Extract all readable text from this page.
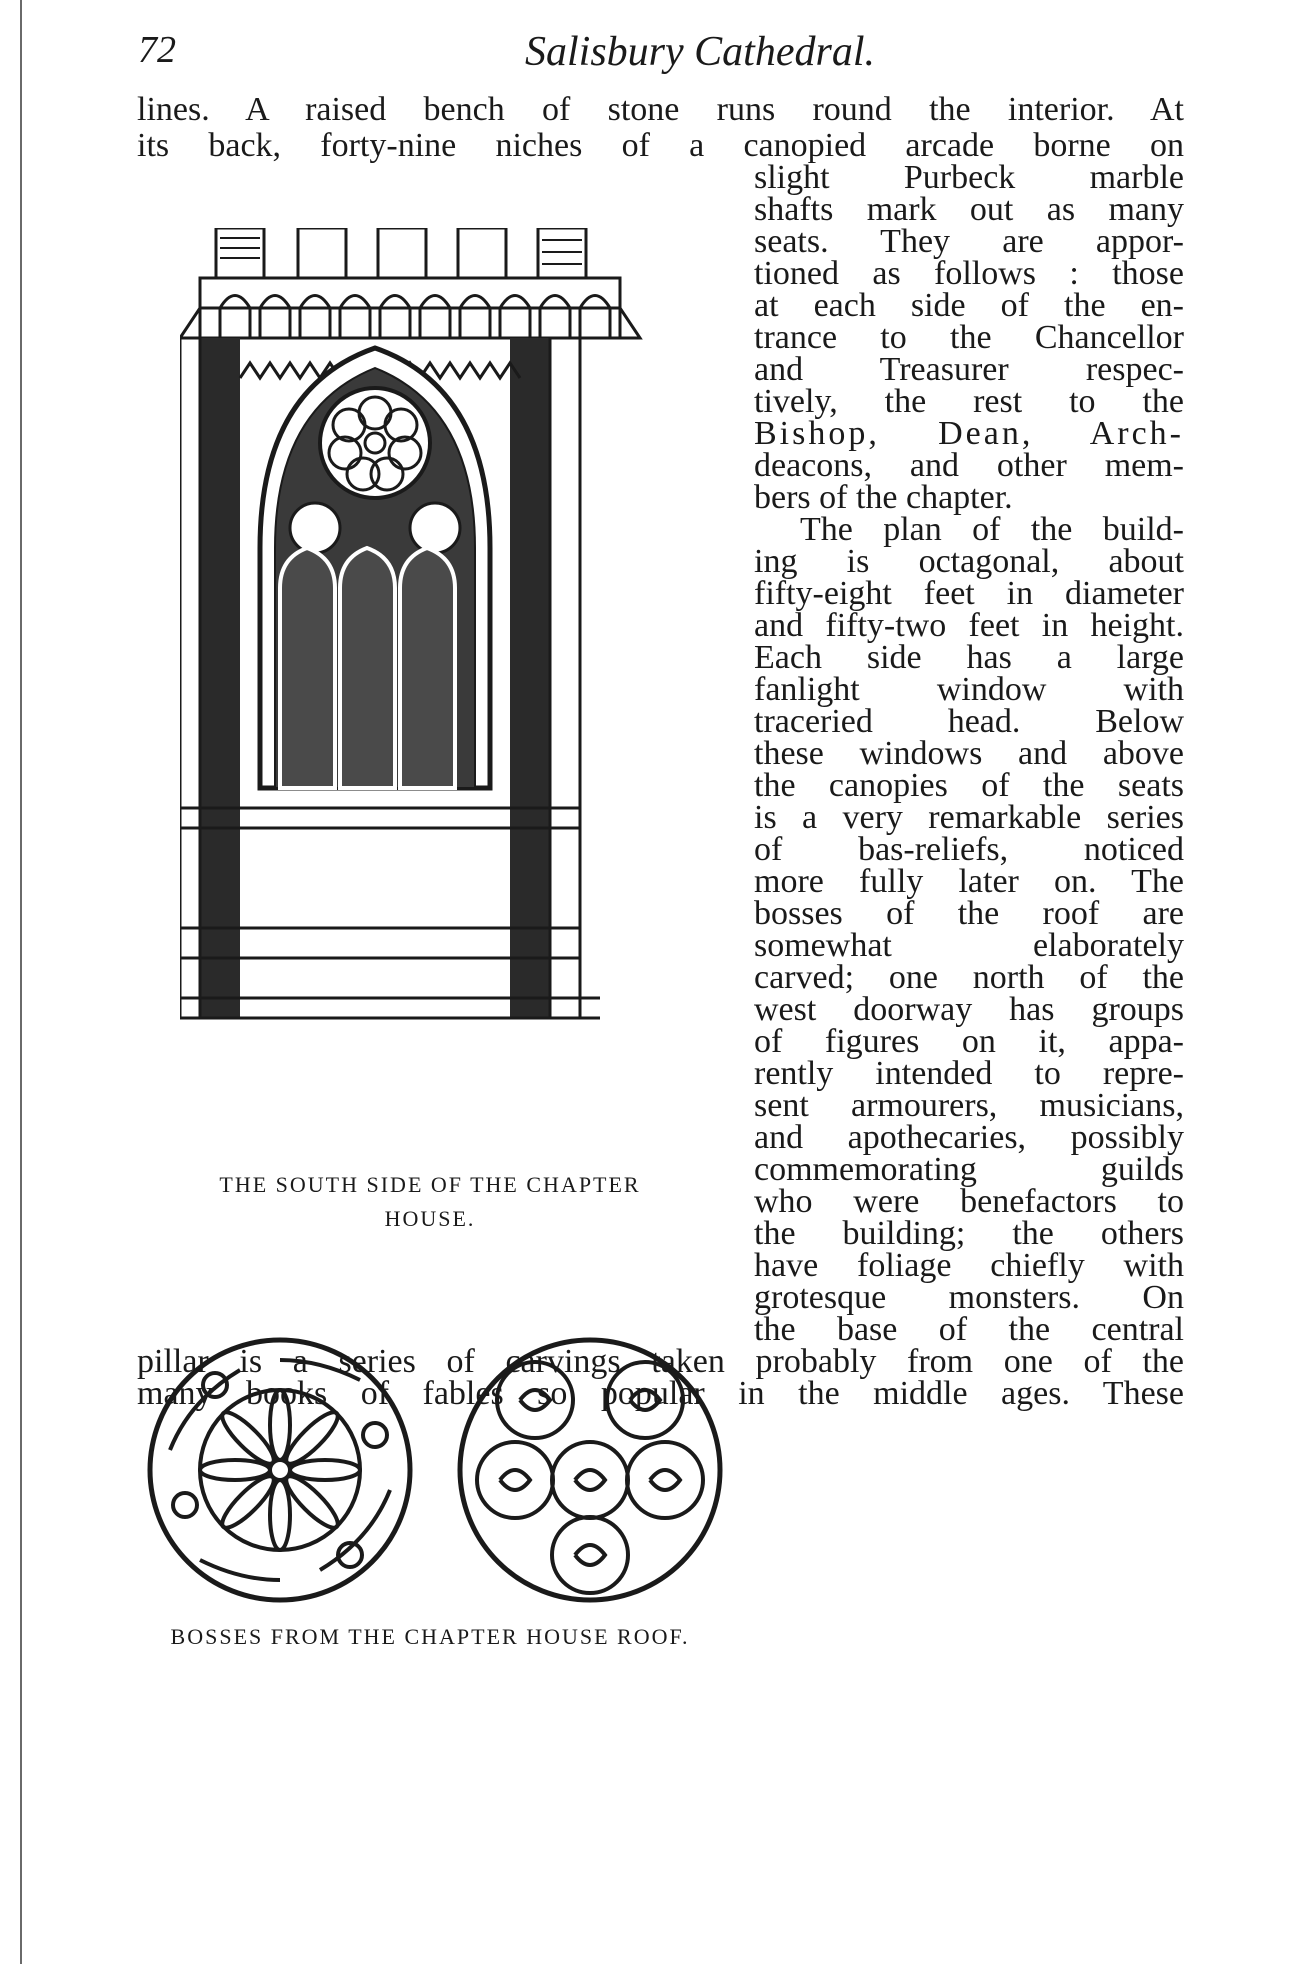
72	Salisbury Cathedral.
lines. A raised bench of stone runs round the interior. At
its back, forty-nine niches of a canopied arcade borne on
slight Purbeck marble
shafts mark out as many
seats. They are appor-
tioned as follows : those
at each side of the en-
trance to the Chancellor
and Treasurer respec-
tively, the rest to the
Bishop, Dean, Arch-
deacons, and other mem-
bers of the chapter.
The plan of the build-
ing is octagonal, about
fifty-eight feet in diameter
and fifty-two feet in height.
Each side has a large
fanlight window with
traceried head. Below
these windows and above
the canopies of the seats
is a very remarkable series
of bas-reliefs, noticed
more fully later on. The
bosses of the roof are
somewhat elaborately
carved; one north of the
west doorway has groups
of figures on it, appa-
rently intended to repre-
sent armourers, musicians,
and apothecaries, possibly
commemorating guilds
who were benefactors to
the building; the others
have foliage chiefly with
grotesque monsters. On
the base of the central
pillar is a series of carvings taken probably from one of the
many books of fables so popular in the middle ages. These
THE SOUTH SIDE OF THE CHAPTER
HOUSE.
BOSSES FROM THE CHAPTER HOUSE ROOF.
